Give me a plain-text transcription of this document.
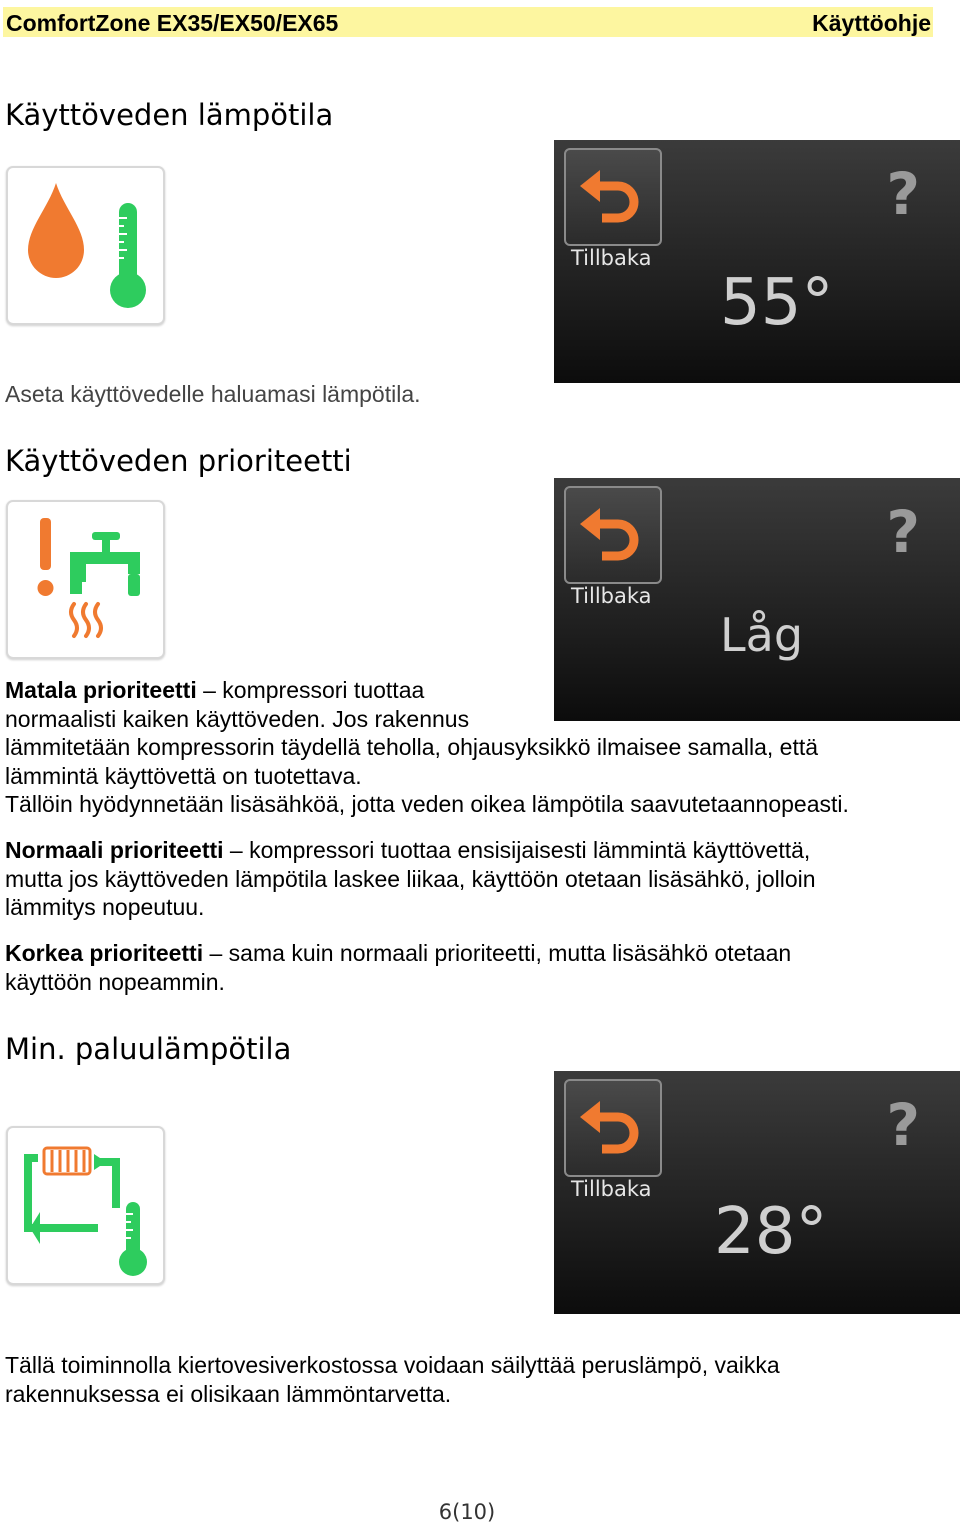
ComfortZone EX35/EX50/EX65	Käyttöohje
Käyttöveden lämpötila
Tillbaka
?
55°
Aseta käyttövedelle haluamasi lämpötila.
Käyttöveden prioriteetti
Tillbaka
?
Låg
Matala prioriteetti – kompressori tuottaa
normaalisti kaiken käyttöveden. Jos rakennus
lämmitetään kompressorin täydellä teholla, ohjausyksikkö ilmaisee samalla, että
lämmintä käyttövettä on tuotettava.
Tällöin hyödynnetään lisäsähköä, jotta veden oikea lämpötila saavutetaannopeasti.
Normaali prioriteetti – kompressori tuottaa ensisijaisesti lämmintä käyttövettä,
mutta jos käyttöveden lämpötila laskee liikaa, käyttöön otetaan lisäsähkö, jolloin
lämmitys nopeutuu.
Korkea prioriteetti – sama kuin normaali prioriteetti, mutta lisäsähkö otetaan
käyttöön nopeammin.
Min. paluulämpötila
Tillbaka
?
28°
Tällä toiminnolla kiertovesiverkostossa voidaan säilyttää peruslämpö, vaikka
rakennuksessa ei olisikaan lämmöntarvetta.
6(10)
